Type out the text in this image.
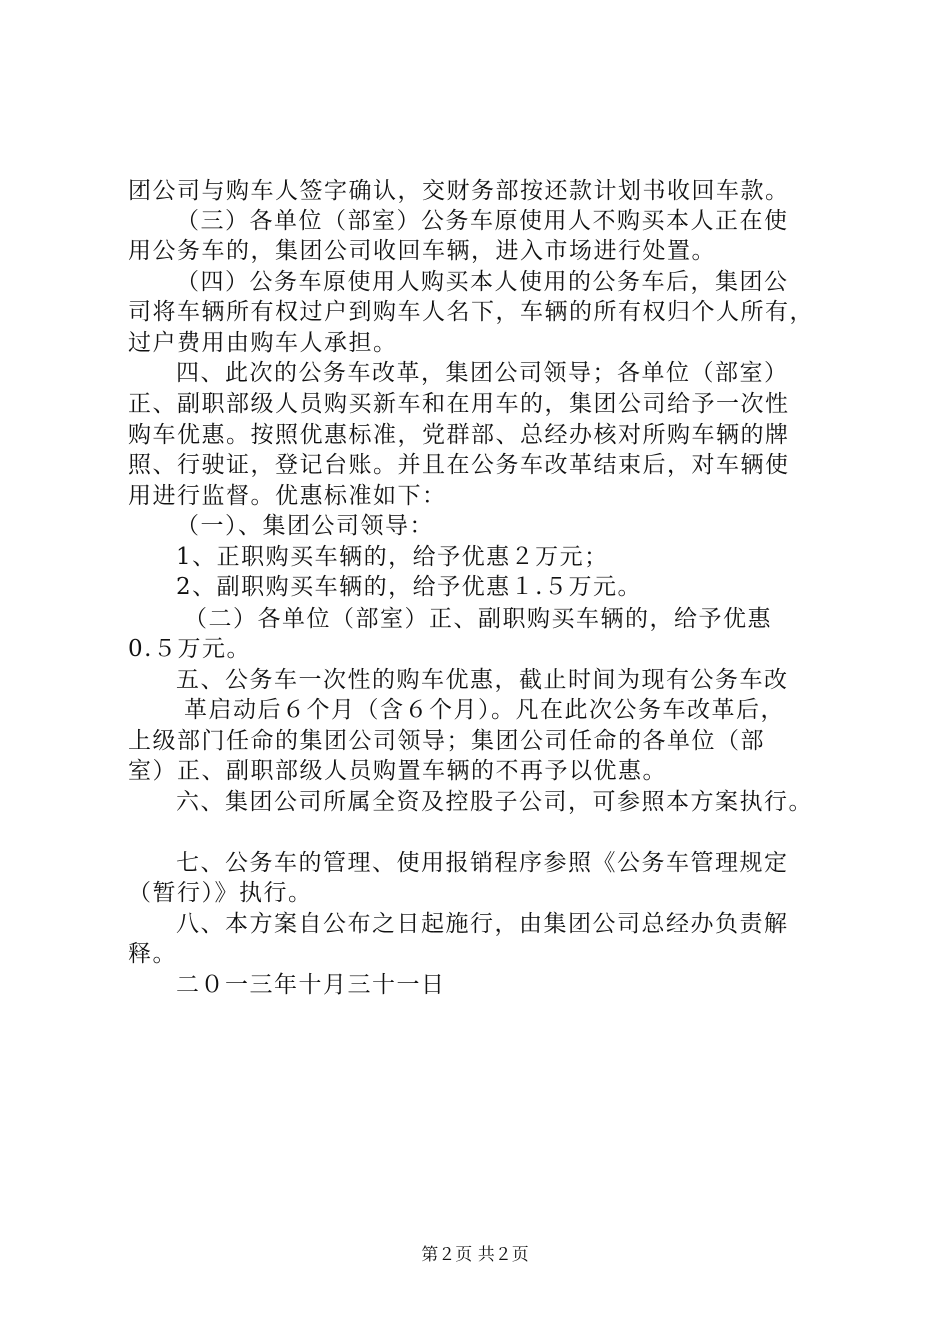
团公司与购车人签字确认，交财务部按还款计划书收回车款。
（三）各单位（部室）公务车原使用人不购买本人正在使
用公务车的，集团公司收回车辆，进入市场进行处置。
（四）公务车原使用人购买本人使用的公务车后，集团公
司将车辆所有权过户到购车人名下，车辆的所有权归个人所有，
过户费用由购车人承担。
四、此次的公务车改革，集团公司领导；各单位（部室）
正、副职部级人员购买新车和在用车的，集团公司给予一次性
购车优惠。按照优惠标准，党群部、总经办核对所购车辆的牌
照、行驶证，登记台账。并且在公务车改革结束后，对车辆使
用进行监督。优惠标准如下：
（一）、集团公司领导：
1、正职购买车辆的，给予优惠２万元；
2、副职购买车辆的，给予优惠１.５万元。
（二）各单位（部室）正、副职购买车辆的，给予优惠
0.５万元。
五、公务车一次性的购车优惠，截止时间为现有公务车改
革启动后６个月（含６个月）。凡在此次公务车改革后，
上级部门任命的集团公司领导；集团公司任命的各单位（部
室）正、副职部级人员购置车辆的不再予以优惠。
六、集团公司所属全资及控股子公司，可参照本方案执行。
七、公务车的管理、使用报销程序参照《公务车管理规定
（暂行）》执行。
八、本方案自公布之日起施行，由集团公司总经办负责解
释。
二０一三年十月三十一日
第２页 共２页
